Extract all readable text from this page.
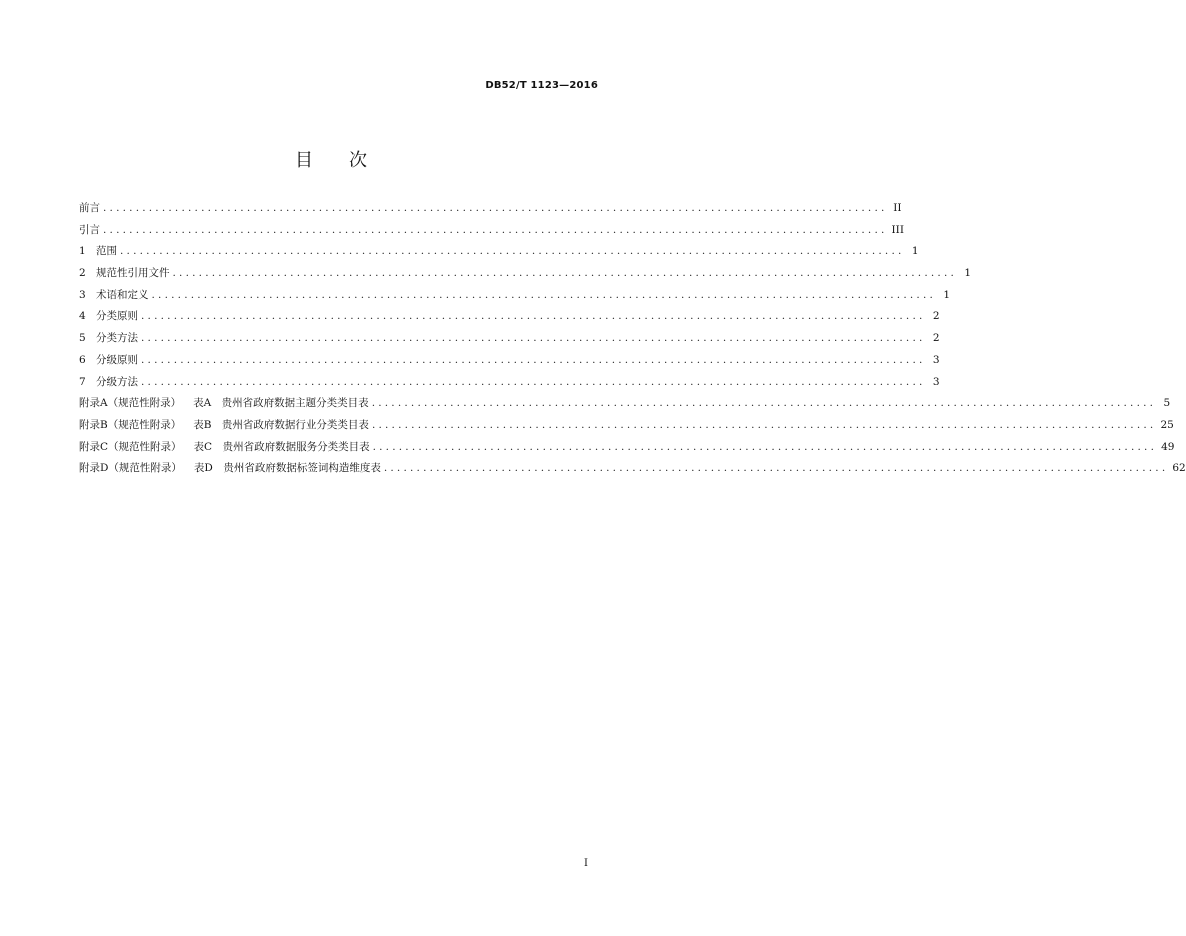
DB52/T 1123—2016
目 次
前言 ........................................................................................................................ II
引言 ........................................................................................................................ III
1 范围 ........................................................................................................................ 1
2 规范性引用文件 ........................................................................................................................ 1
3 术语和定义 ........................................................................................................................ 1
4 分类原则 ........................................................................................................................ 2
5 分类方法 ........................................................................................................................ 2
6 分级原则 ........................................................................................................................ 3
7 分级方法 ........................................................................................................................ 3
附录A（规范性附录） 表A　贵州省政府数据主题分类类目表 ........................................................................................................................ 5
附录B（规范性附录） 表B　贵州省政府数据行业分类类目表 ........................................................................................................................ 25
附录C（规范性附录） 表C　贵州省政府数据服务分类类目表 ........................................................................................................................ 49
附录D（规范性附录） 表D　贵州省政府数据标签词构造维度表 ........................................................................................................................ 62
I
